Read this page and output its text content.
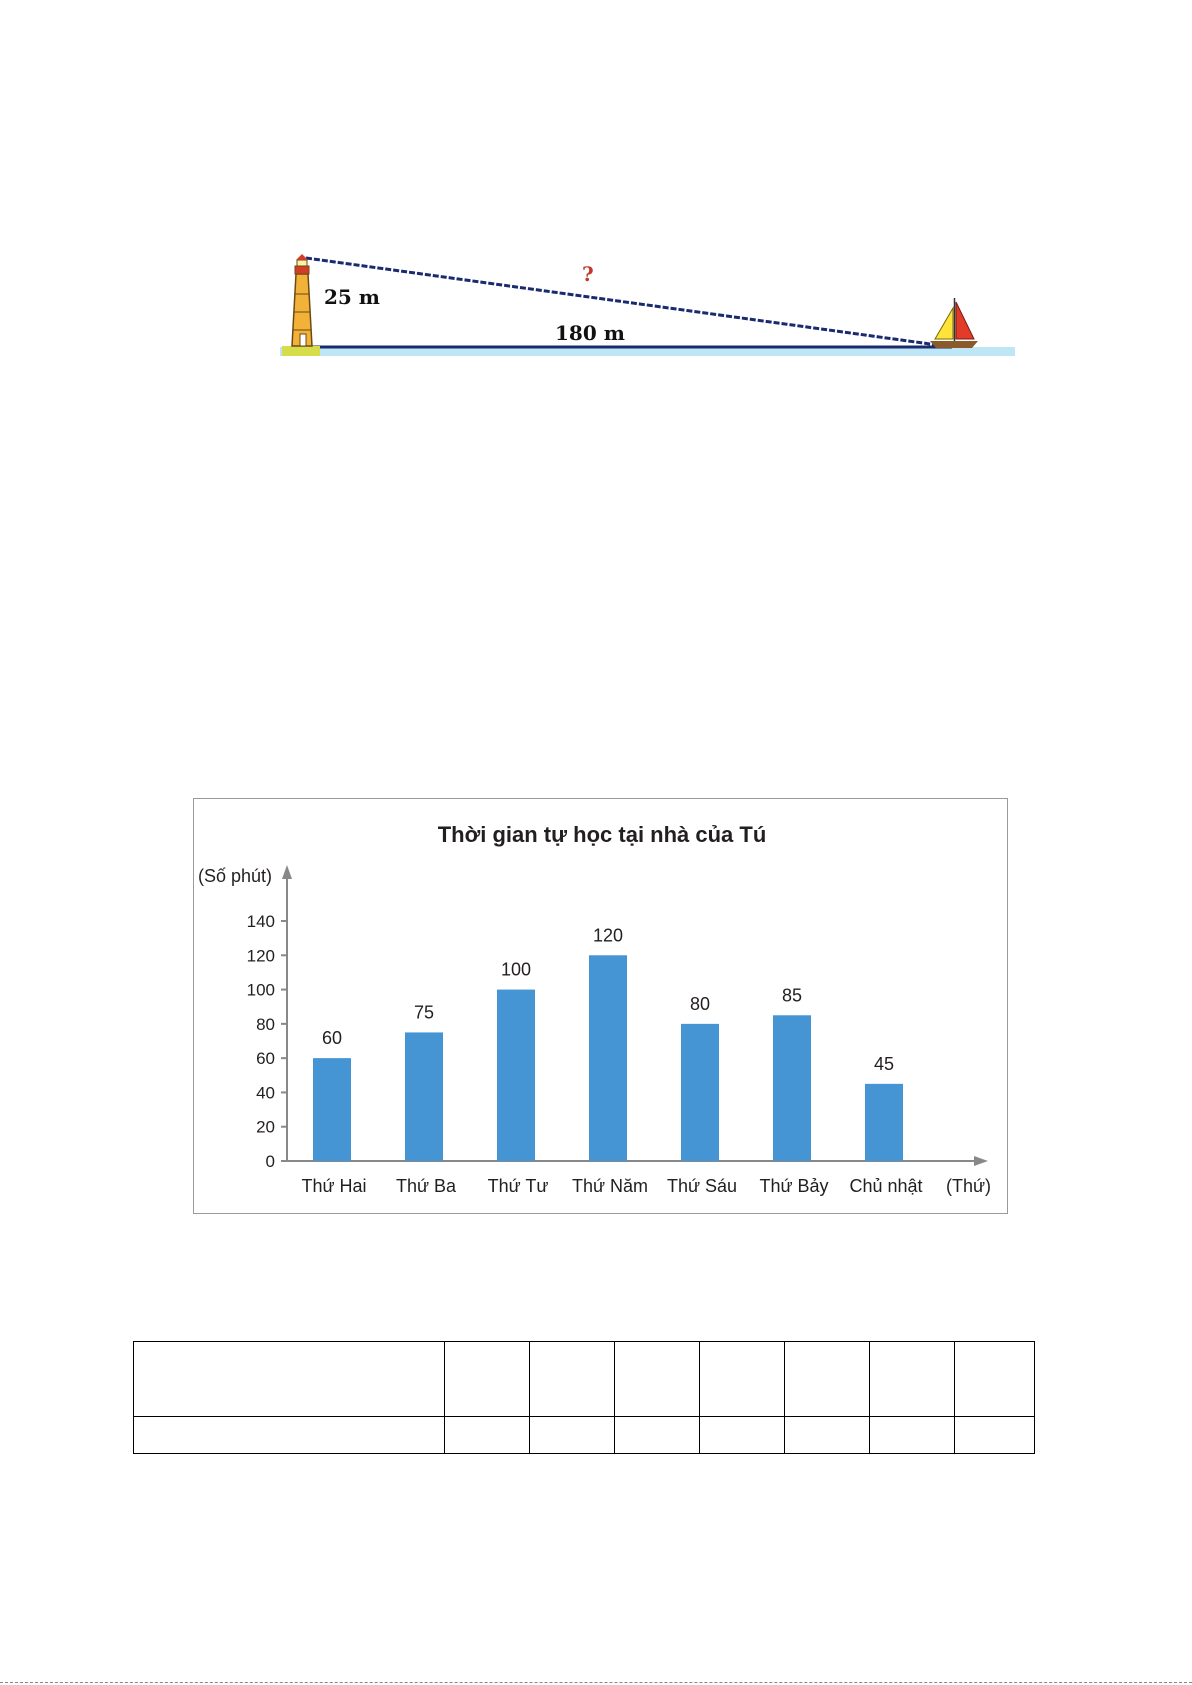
25 m
180 m
?
Thời gian tự học tại nhà của Tú
(Số phút)
(Thứ)
0
20
40
60
80
100
120
140
60
Thứ Hai
75
Thứ Ba
100
Thứ Tư
120
Thứ Năm
80
Thứ Sáu
85
Thứ Bảy
45
Chủ nhật
